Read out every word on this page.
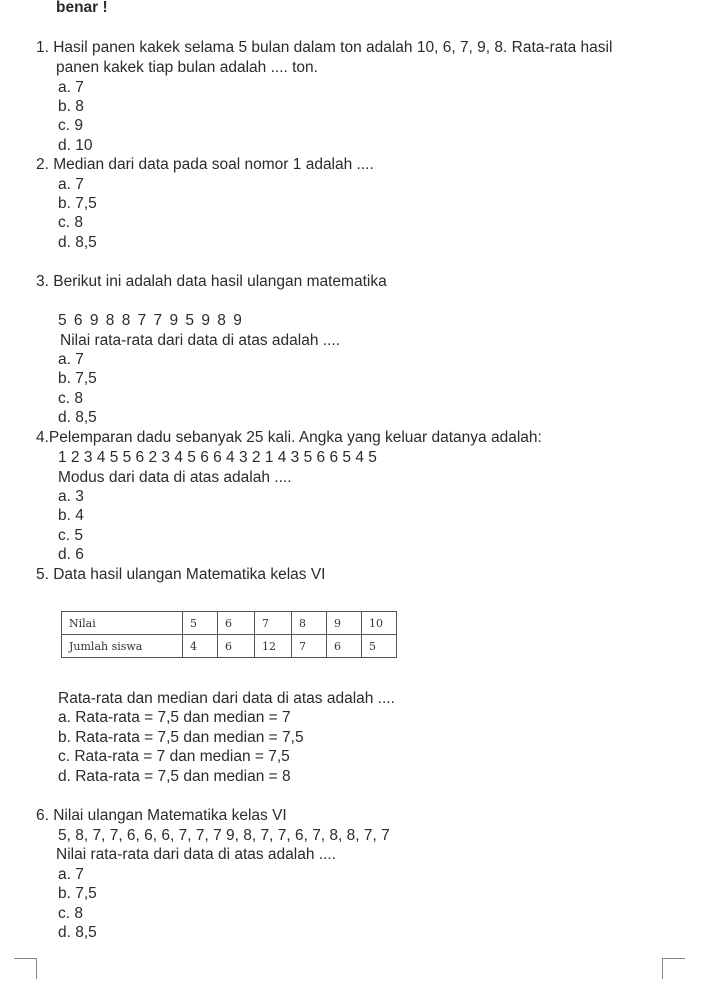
benar !
1. Hasil panen kakek selama 5 bulan dalam ton adalah 10, 6, 7, 9, 8. Rata-rata hasil
panen kakek tiap bulan adalah .... ton.
a. 7
b. 8
c. 9
d. 10
2. Median dari data pada soal nomor 1 adalah ....
a. 7
b. 7,5
c. 8
d. 8,5
3. Berikut ini adalah data hasil ulangan matematika
5 6 9 8 8 7 7 9 5 9 8 9
Nilai rata-rata dari data di atas adalah ....
a. 7
b. 7,5
c. 8
d. 8,5
4.Pelemparan dadu sebanyak 25 kali. Angka yang keluar datanya adalah:
1 2 3 4 5 5 6 2 3 4 5 6 6 4 3 2 1 4 3 5 6 6 5 4 5
Modus dari data di atas adalah ....
a. 3
b. 4
c. 5
d. 6
5. Data hasil ulangan Matematika kelas VI
Nilai	5	6	7	8	9	10
Jumlah siswa	4	6	12	7	6	5
Rata-rata dan median dari data di atas adalah ....
a. Rata-rata = 7,5 dan median = 7
b. Rata-rata = 7,5 dan median = 7,5
c. Rata-rata = 7 dan median = 7,5
d. Rata-rata = 7,5 dan median = 8
6. Nilai ulangan Matematika kelas VI
5, 8, 7, 7, 6, 6, 6, 7, 7, 7 9, 8, 7, 7, 6, 7, 8, 8, 7, 7
Nilai rata-rata dari data di atas adalah ....
a. 7
b. 7,5
c. 8
d. 8,5
